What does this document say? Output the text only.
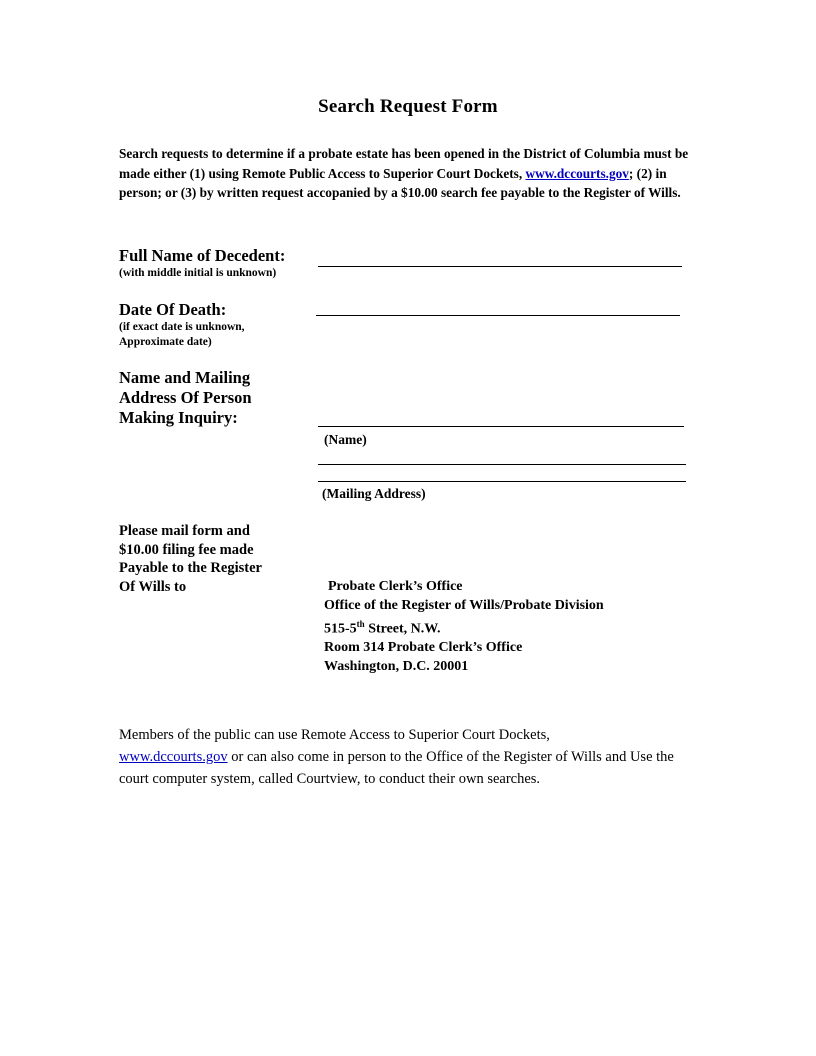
Search Request Form
Search requests to determine if a probate estate has been opened in the District of Columbia must be made either (1) using Remote Public Access to Superior Court Dockets, www.dccourts.gov; (2) in person; or (3) by written request accopanied by a $10.00 search fee payable to the Register of Wills.
Full Name of Decedent:
(with middle initial is unknown)
Date Of Death:
(if exact date is unknown,
Approximate date)
Name and Mailing
Address Of Person
Making Inquiry:
(Name)
(Mailing Address)
Please mail form and
$10.00 filing fee made
Payable to the Register
Of Wills to	Probate Clerk’s Office
Office of the Register of Wills/Probate Division
515-5th Street, N.W.
Room 314 Probate Clerk’s Office
Washington, D.C. 20001
Members of the public can use Remote Access to Superior Court Dockets,
www.dccourts.gov or can also come in person to the Office of the Register of Wills and Use the court computer system, called Courtview, to conduct their own searches.
